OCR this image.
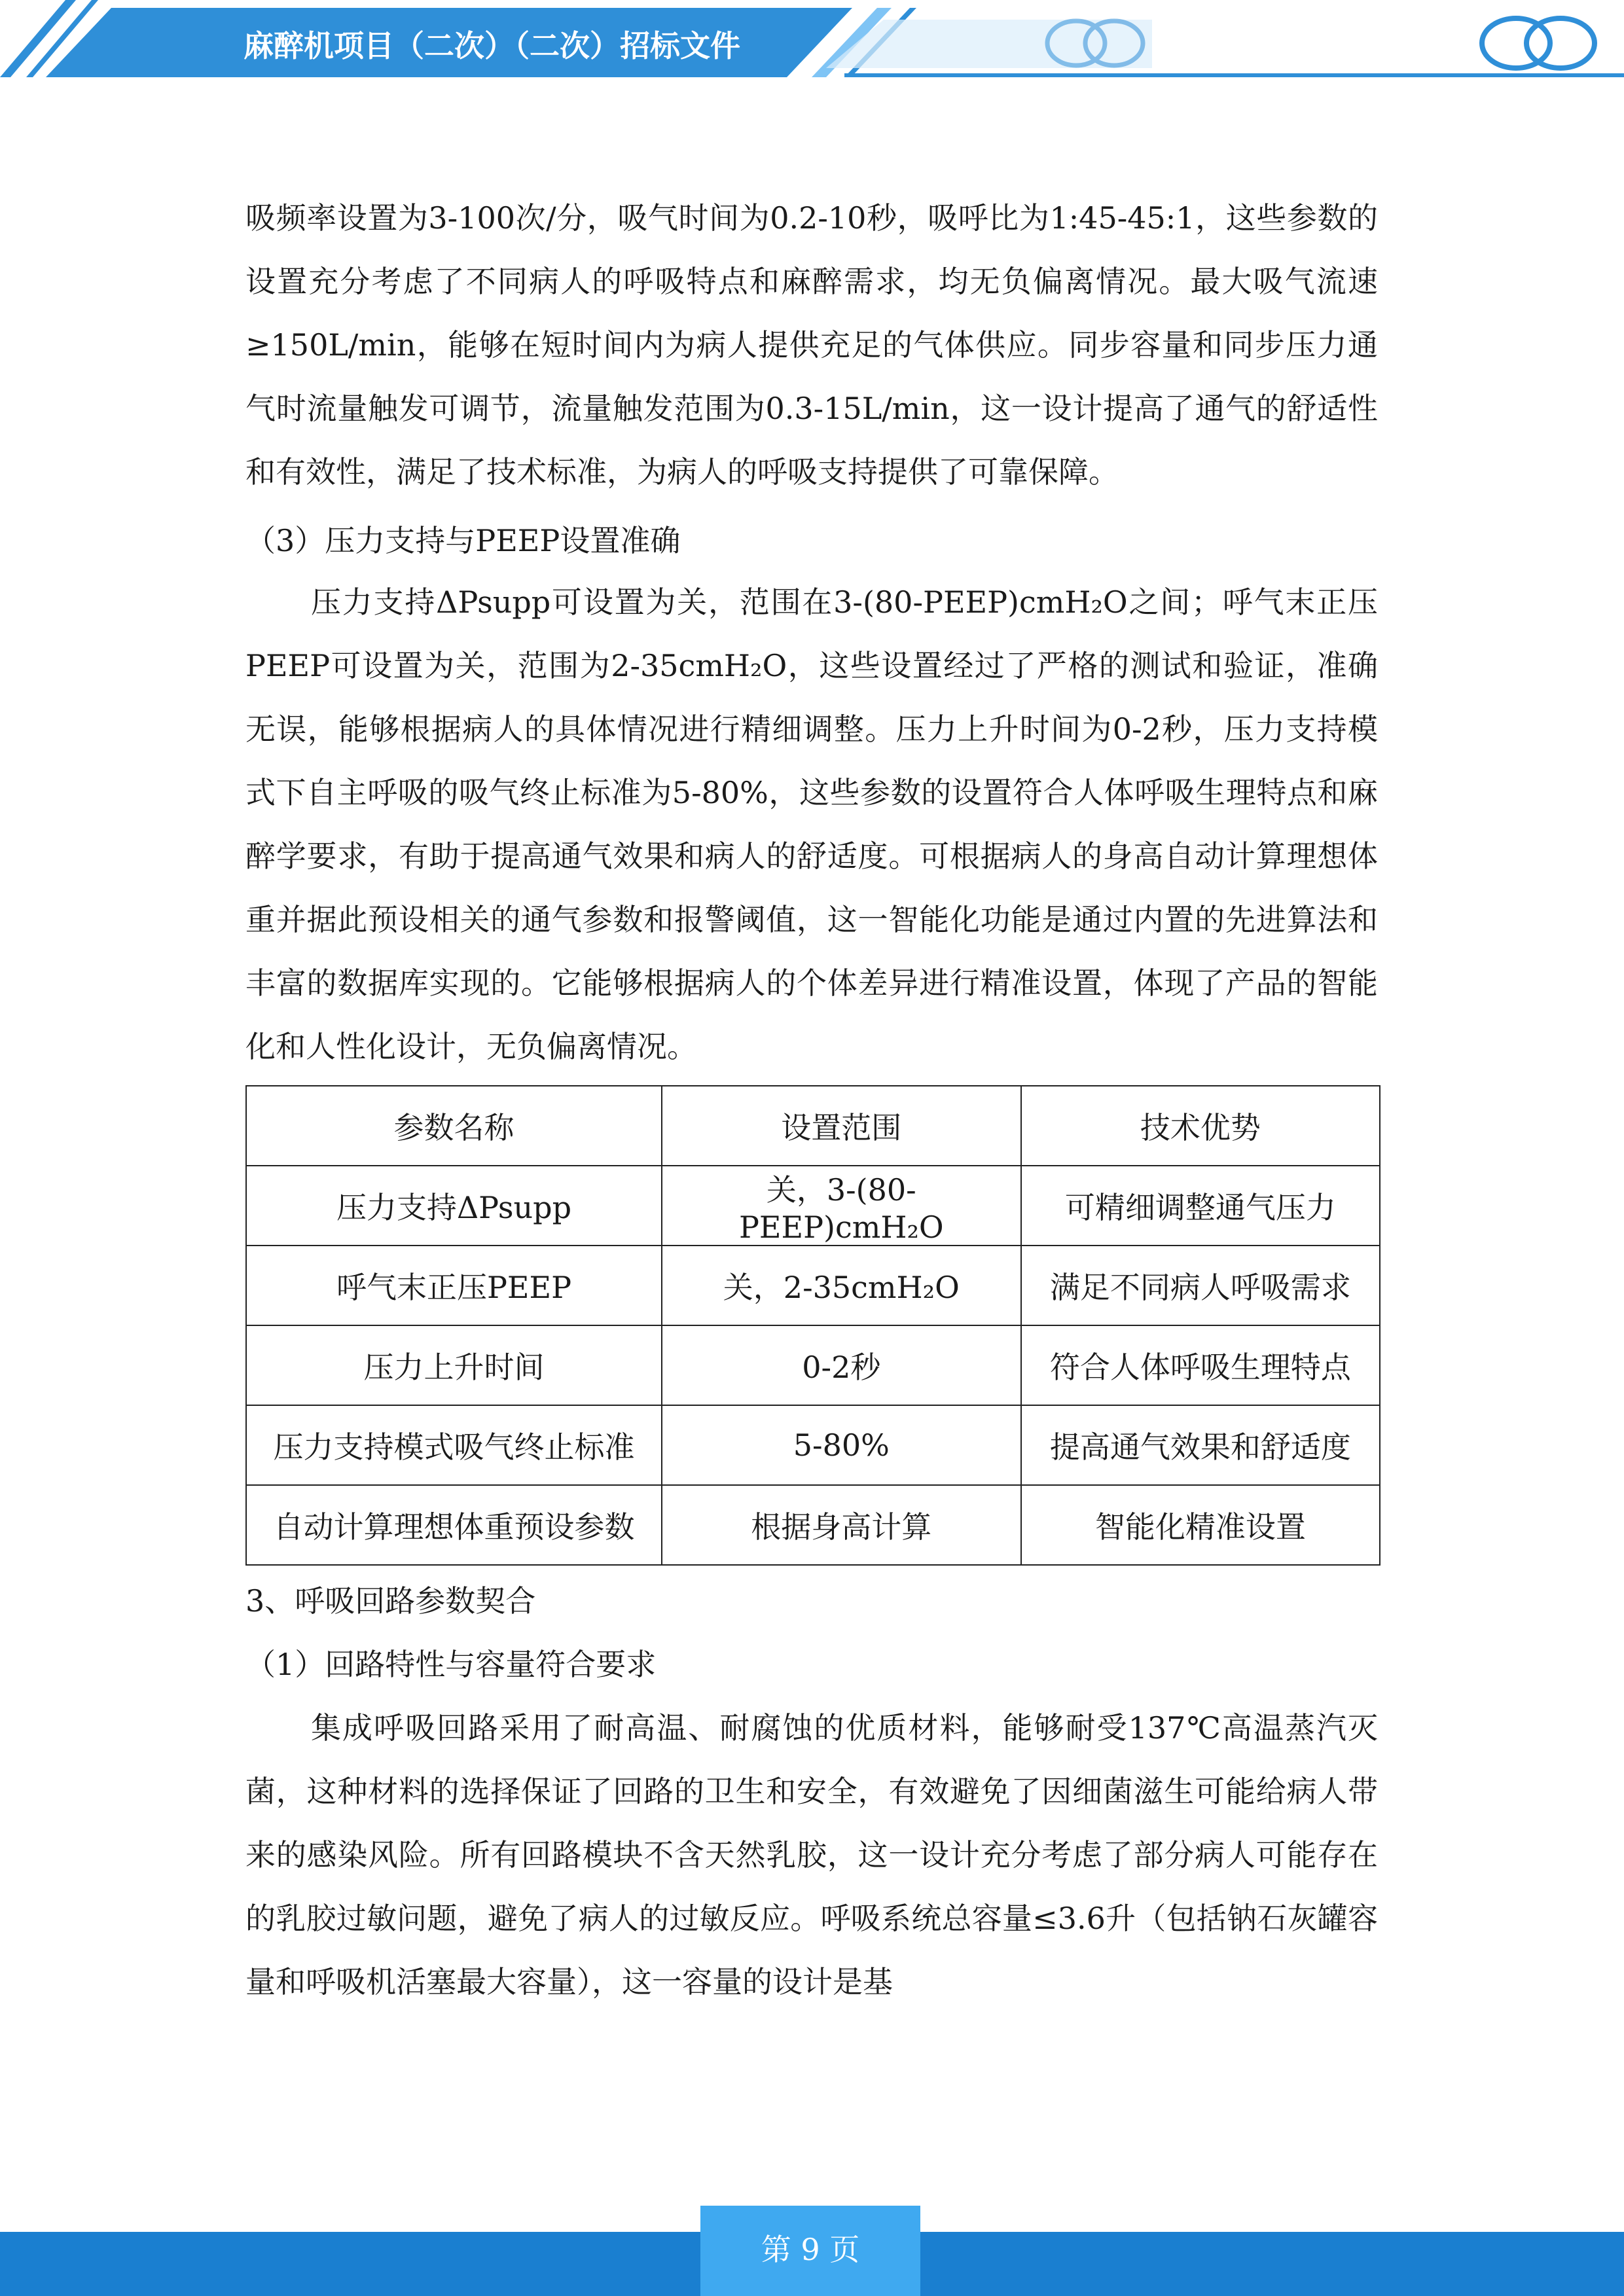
麻醉机项目（二次）（二次）招标文件

吸频率设置为3-100次/分，吸气时间为0.2-10秒，吸呼比为1:45-45:1，这些参数的设置充分考虑了不同病人的呼吸特点和麻醉需求，均无负偏离情况。最大吸气流速≥150L/min，能够在短时间内为病人提供充足的气体供应。同步容量和同步压力通气时流量触发可调节，流量触发范围为0.3-15L/min，这一设计提高了通气的舒适性和有效性，满足了技术标准，为病人的呼吸支持提供了可靠保障。

（3）压力支持与PEEP设置准确

压力支持ΔPsupp可设置为关，范围在3-(80-PEEP)cmH₂O之间；呼气末正压PEEP可设置为关，范围为2-35cmH₂O，这些设置经过了严格的测试和验证，准确无误，能够根据病人的具体情况进行精细调整。压力上升时间为0-2秒，压力支持模式下自主呼吸的吸气终止标准为5-80%，这些参数的设置符合人体呼吸生理特点和麻醉学要求，有助于提高通气效果和病人的舒适度。可根据病人的身高自动计算理想体重并据此预设相关的通气参数和报警阈值，这一智能化功能是通过内置的先进算法和丰富的数据库实现的。它能够根据病人的个体差异进行精准设置，体现了产品的智能化和人性化设计，无负偏离情况。

参数名称	设置范围	技术优势
压力支持ΔPsupp	关，3-(80-PEEP)cmH₂O	可精细调整通气压力
呼气末正压PEEP	关，2-35cmH₂O	满足不同病人呼吸需求
压力上升时间	0-2秒	符合人体呼吸生理特点
压力支持模式吸气终止标准	5-80%	提高通气效果和舒适度
自动计算理想体重预设参数	根据身高计算	智能化精准设置

3、呼吸回路参数契合

（1）回路特性与容量符合要求

集成呼吸回路采用了耐高温、耐腐蚀的优质材料，能够耐受137℃高温蒸汽灭菌，这种材料的选择保证了回路的卫生和安全，有效避免了因细菌滋生可能给病人带来的感染风险。所有回路模块不含天然乳胶，这一设计充分考虑了部分病人可能存在的乳胶过敏问题，避免了病人的过敏反应。呼吸系统总容量≤3.6升（包括钠石灰罐容量和呼吸机活塞最大容量），这一容量的设计是基

第 9 页
